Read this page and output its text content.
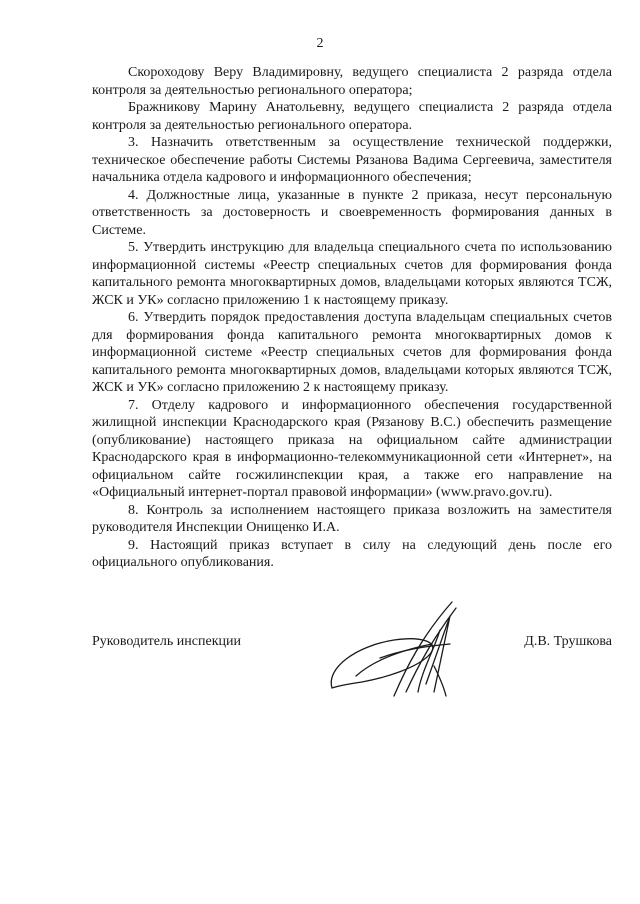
2

Скороходову Веру Владимировну, ведущего специалиста 2 разряда отдела контроля за деятельностью регионального оператора;

Бражникову Марину Анатольевну, ведущего специалиста 2 разряда отдела контроля за деятельностью регионального оператора.

3. Назначить ответственным за осуществление технической поддержки, техническое обеспечение работы Системы Рязанова Вадима Сергеевича, заместителя начальника отдела кадрового и информационного обеспечения;

4. Должностные лица, указанные в пункте 2 приказа, несут персональную ответственность за достоверность и своевременность формирования данных в Системе.

5. Утвердить инструкцию для владельца специального счета по использованию информационной системы «Реестр специальных счетов для формирования фонда капитального ремонта многоквартирных домов, владельцами которых являются ТСЖ, ЖСК и УК» согласно приложению 1 к настоящему приказу.

6. Утвердить порядок предоставления доступа владельцам специальных счетов для формирования фонда капитального ремонта многоквартирных домов к информационной системе «Реестр специальных счетов для формирования фонда капитального ремонта многоквартирных домов, владельцами которых являются ТСЖ, ЖСК и УК» согласно приложению 2 к настоящему приказу.

7. Отделу кадрового и информационного обеспечения государственной жилищной инспекции Краснодарского края (Рязанову В.С.) обеспечить размещение (опубликование) настоящего приказа на официальном сайте администрации Краснодарского края в информационно-телекоммуникационной сети «Интернет», на официальном сайте госжилинспекции края, а также его направление на «Официальный интернет-портал правовой информации» (www.pravo.gov.ru).

8. Контроль за исполнением настоящего приказа возложить на заместителя руководителя Инспекции Онищенко И.А.

9. Настоящий приказ вступает в силу на следующий день после его официального опубликования.

Руководитель инспекции	Д.В. Трушкова
